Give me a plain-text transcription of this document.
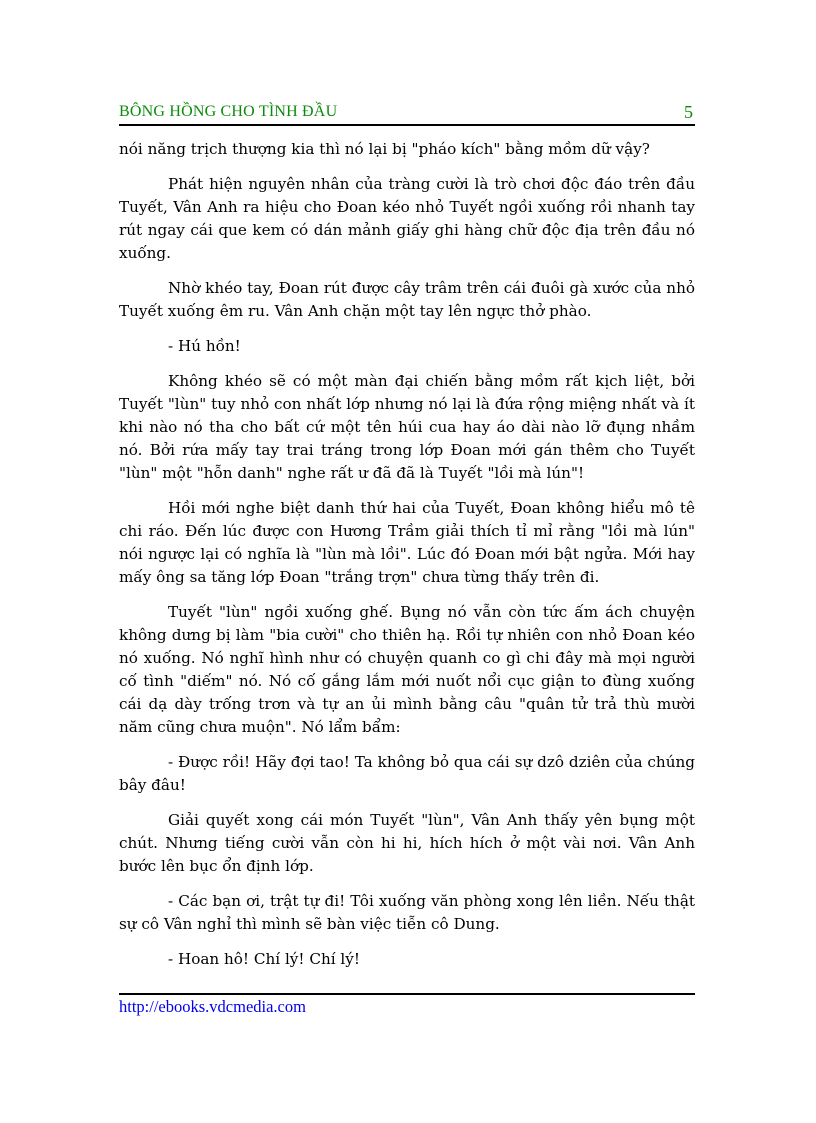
BÔNG HỒNG CHO TÌNH ĐẦU	5

nói năng trịch thượng kia thì nó lại bị "pháo kích" bằng mồm dữ vậy?

Phát hiện nguyên nhân của tràng cười là trò chơi độc đáo trên đầu Tuyết, Vân Anh ra hiệu cho Đoan kéo nhỏ Tuyết ngồi xuống rồi nhanh tay rút ngay cái que kem có dán mảnh giấy ghi hàng chữ độc địa trên đầu nó xuống.

Nhờ khéo tay, Đoan rút được cây trâm trên cái đuôi gà xước của nhỏ Tuyết xuống êm ru. Vân Anh chặn một tay lên ngực thở phào.

- Hú hồn!

Không khéo sẽ có một màn đại chiến bằng mồm rất kịch liệt, bởi Tuyết "lùn" tuy nhỏ con nhất lớp nhưng nó lại là đứa rộng miệng nhất và ít khi nào nó tha cho bất cứ một tên húi cua hay áo dài nào lỡ đụng nhầm nó. Bởi rứa mấy tay trai tráng trong lớp Đoan mới gán thêm cho Tuyết "lùn" một "hỗn danh" nghe rất ư đã đã là Tuyết "lồi mà lún"!

Hồi mới nghe biệt danh thứ hai của Tuyết, Đoan không hiểu mô tê chi ráo. Đến lúc được con Hương Trầm giải thích tỉ mỉ rằng "lồi mà lún" nói ngược lại có nghĩa là "lùn mà lồi". Lúc đó Đoan mới bật ngửa. Mới hay mấy ông sa tăng lớp Đoan "trắng trợn" chưa từng thấy trên đi.

Tuyết "lùn" ngồi xuống ghế. Bụng nó vẫn còn tức ấm ách chuyện không dưng bị làm "bia cười" cho thiên hạ. Rồi tự nhiên con nhỏ Đoan kéo nó xuống. Nó nghĩ hình như có chuyện quanh co gì chi đây mà mọi người cố tình "diếm" nó. Nó cố gắng lắm mới nuốt nổi cục giận to đùng xuống cái dạ dày trống trơn và tự an ủi mình bằng câu "quân tử trả thù mười năm cũng chưa muộn". Nó lẩm bẩm:

- Được rồi! Hãy đợi tao! Ta không bỏ qua cái sự dzô dziên của chúng bây đâu!

Giải quyết xong cái món Tuyết "lùn", Vân Anh thấy yên bụng một chút. Nhưng tiếng cười vẫn còn hi hi, hích hích ở một vài nơi. Vân Anh bước lên bục ổn định lớp.

- Các bạn ơi, trật tự đi! Tôi xuống văn phòng xong lên liền. Nếu thật sự cô Vân nghỉ thì mình sẽ bàn việc tiễn cô Dung.

- Hoan hô! Chí lý! Chí lý!

http://ebooks.vdcmedia.com
